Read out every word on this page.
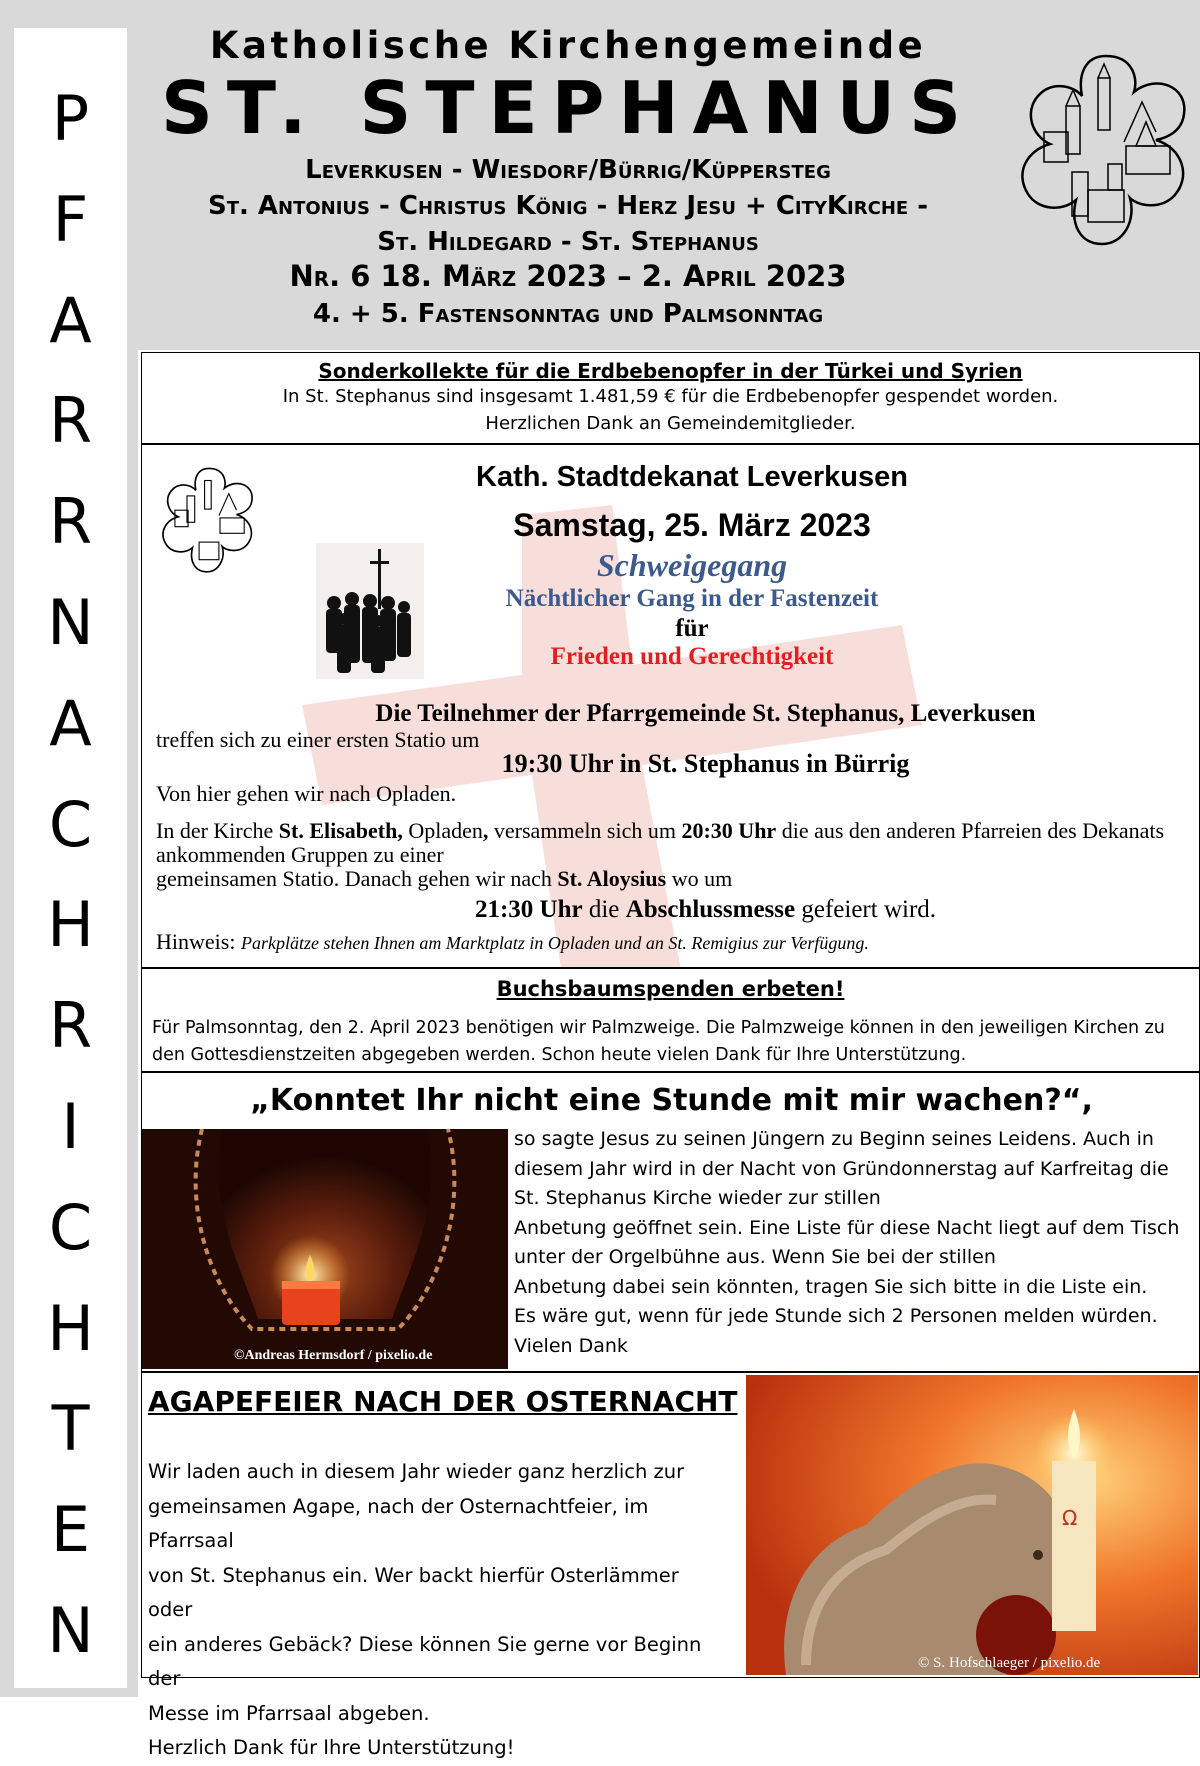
P
F
A
R
R
N
A
C
H
R
I
C
H
T
E
N
Katholische Kirchengemeinde
ST. STEPHANUS
Leverkusen - Wiesdorf/Bürrig/Küppersteg
St. Antonius - Christus König - Herz Jesu + CityKirche -
St. Hildegard - St. Stephanus
Nr. 6 18. März 2023 – 2. April 2023
4. + 5. Fastensonntag und Palmsonntag
Sonderkollekte für die Erdbebenopfer in der Türkei und Syrien
In St. Stephanus sind insgesamt 1.481,59 € für die Erdbebenopfer gespendet worden.
Herzlichen Dank an Gemeindemitglieder.
Kath. Stadtdekanat Leverkusen
Samstag, 25. März 2023
Schweigegang
Nächtlicher Gang in der Fastenzeit
für
Frieden und Gerechtigkeit
Die Teilnehmer der Pfarrgemeinde St. Stephanus, Leverkusen
treffen sich zu einer ersten Statio um
19:30 Uhr in St. Stephanus in Bürrig
Von hier gehen wir nach Opladen.
In der Kirche St. Elisabeth, Opladen, versammeln sich um 20:30 Uhr die aus den anderen Pfarreien des Dekanats ankommenden Gruppen zu einer
gemeinsamen Statio. Danach gehen wir nach St. Aloysius wo um
21:30 Uhr die Abschlussmesse gefeiert wird.
Hinweis: Parkplätze stehen Ihnen am Marktplatz in Opladen und an St. Remigius zur Verfügung.
Buchsbaumspenden erbeten!
Für Palmsonntag, den 2. April 2023 benötigen wir Palmzweige. Die Palmzweige können in den jeweiligen Kirchen zu den Gottesdienstzeiten abgegeben werden. Schon heute vielen Dank für Ihre Unterstützung.
„Konntet Ihr nicht eine Stunde mit mir wachen?“,
©Andreas Hermsdorf / pixelio.de
so sagte Jesus zu seinen Jüngern zu Beginn seines Leidens. Auch in
diesem Jahr wird in der Nacht von Gründonnerstag auf Karfreitag die
St. Stephanus Kirche wieder zur stillen
Anbetung geöffnet sein. Eine Liste für diese Nacht liegt auf dem Tisch
unter der Orgelbühne aus. Wenn Sie bei der stillen
Anbetung dabei sein könnten, tragen Sie sich bitte in die Liste ein.
Es wäre gut, wenn für jede Stunde sich 2 Personen melden würden.
Vielen Dank
AGAPEFEIER NACH DER OSTERNACHT
Wir laden auch in diesem Jahr wieder ganz herzlich zur
gemeinsamen Agape, nach der Osternachtfeier, im Pfarrsaal
von St. Stephanus ein. Wer backt hierfür Osterlämmer oder
ein anderes Gebäck? Diese können Sie gerne vor Beginn der
Messe im Pfarrsaal abgeben.
Herzlich Dank für Ihre Unterstützung!
Ω
© S. Hofschlaeger / pixelio.de
